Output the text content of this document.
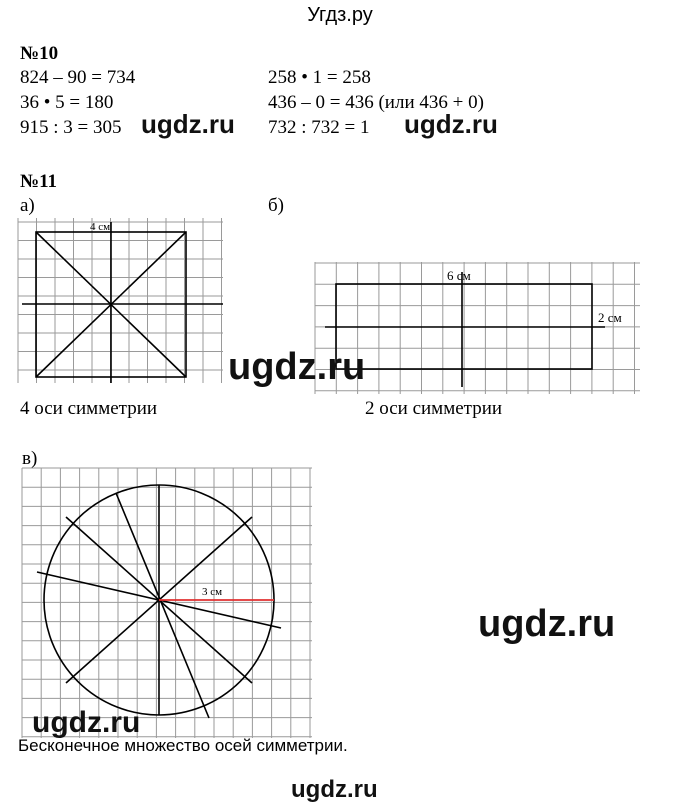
Угдз.ру
№10
824 – 90 = 734
36 • 5 = 180
915 : 3 = 305
258 • 1 = 258
436 – 0 = 436 (или 436 + 0)
732 : 732 = 1
№11
а)	б)
4 см
4 оси симметрии
6 см
2 см
2 оси симметрии
в)
3 см
Бесконечное множество осей симметрии.
ugdz.ru	ugdz.ru
ugdz.ru
ugdz.ru
ugdz.ru
ugdz.ru
